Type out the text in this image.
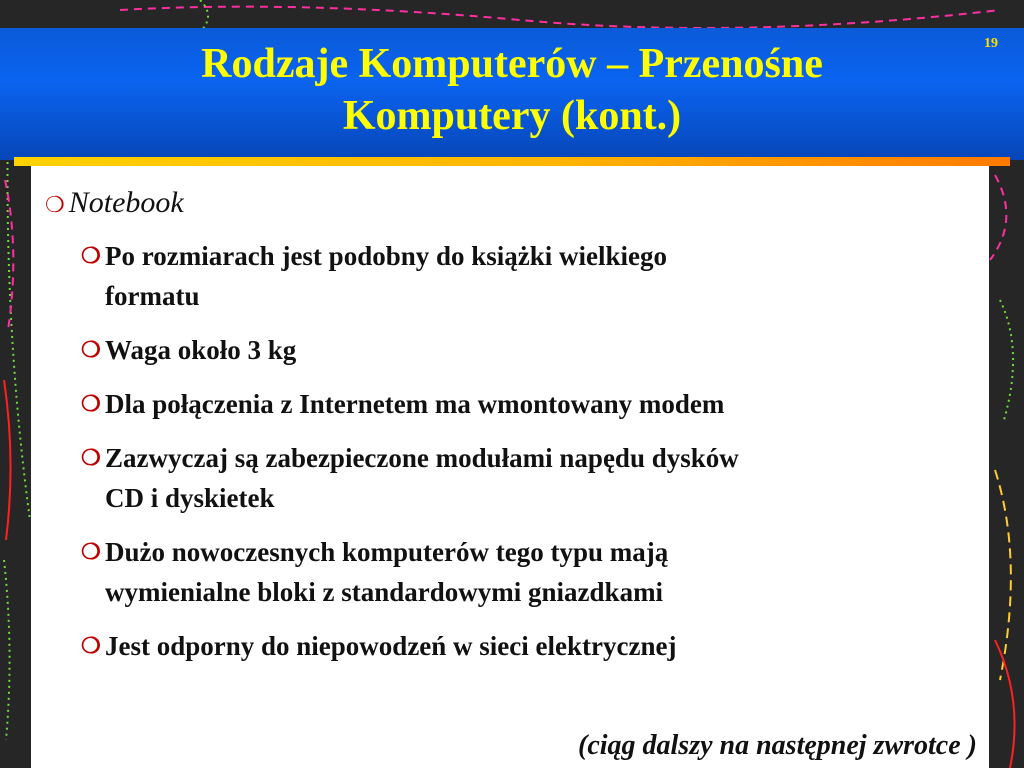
19
Rodzaje Komputerów – Przenośne
Komputery (kont.)
❍ Notebook
❍ Po rozmiarach jest podobny do książki wielkiego
formatu
❍ Waga około 3 kg
❍ Dla połączenia z Internetem ma wmontowany modem
❍ Zazwyczaj są zabezpieczone modułami napędu dysków
CD i dyskietek
❍ Dużo nowoczesnych komputerów tego typu mają
wymienialne bloki z standardowymi gniazdkami
❍ Jest odporny do niepowodzeń w sieci elektrycznej
(ciąg dalszy na następnej zwrotce )
